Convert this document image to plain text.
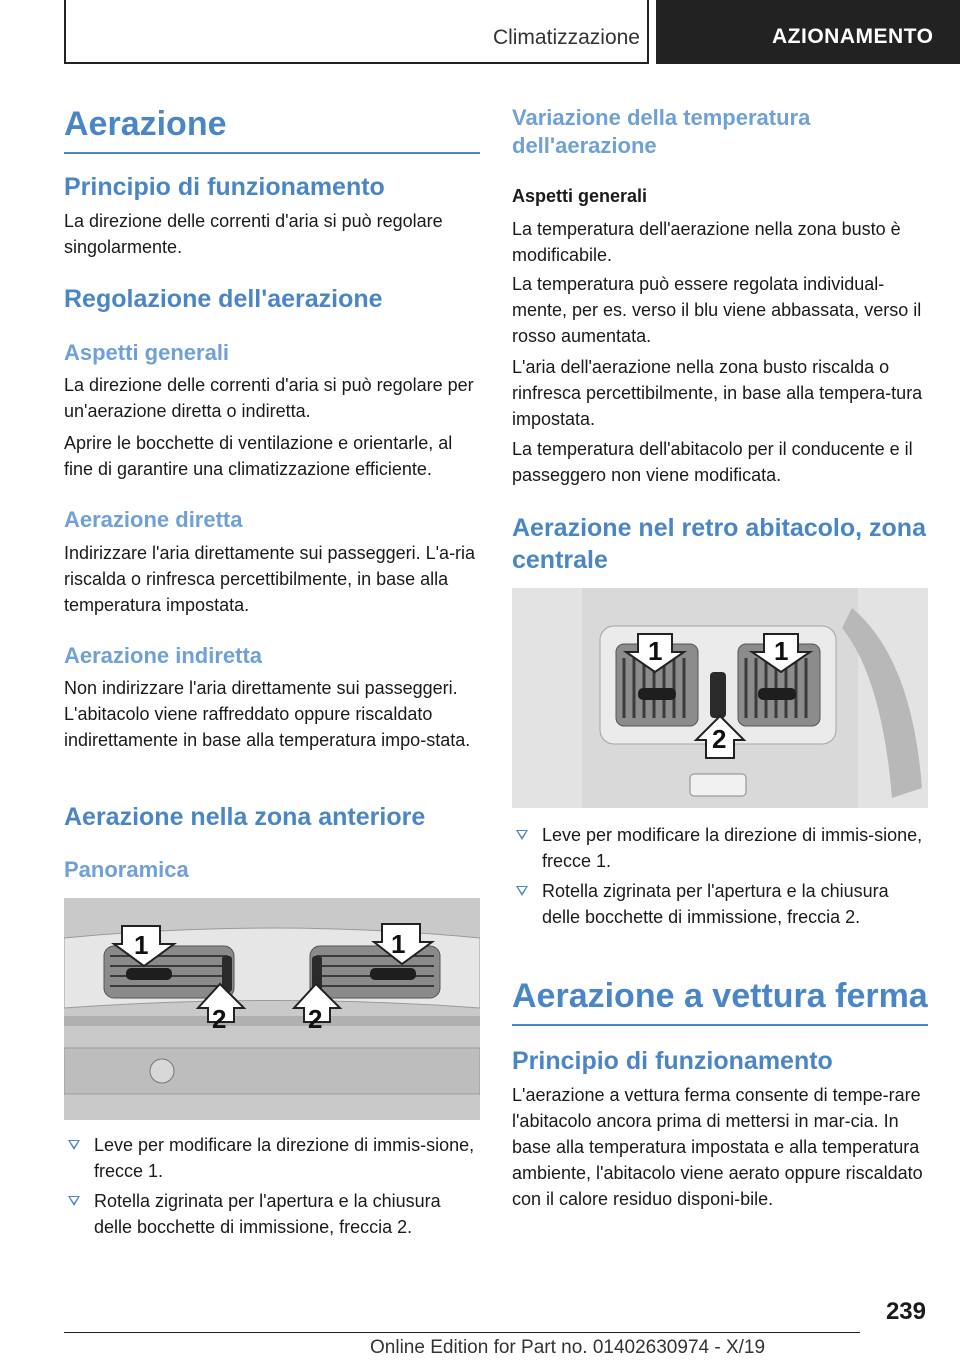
Climatizzazione	AZIONAMENTO
Aerazione
Principio di funzionamento
La direzione delle correnti d'aria si può regolare singolarmente.
Regolazione dell'aerazione
Aspetti generali
La direzione delle correnti d'aria si può regolare per un'aerazione diretta o indiretta.
Aprire le bocchette di ventilazione e orientarle, al fine di garantire una climatizzazione efficiente.
Aerazione diretta
Indirizzare l'aria direttamente sui passeggeri. L'a-ria riscalda o rinfresca percettibilmente, in base alla temperatura impostata.
Aerazione indiretta
Non indirizzare l'aria direttamente sui passeggeri. L'abitacolo viene raffreddato oppure riscaldato indirettamente in base alla temperatura impo-stata.
Aerazione nella zona anteriore
Panoramica
1	1
2	2
Leve per modificare la direzione di immis-sione, frecce 1.
Rotella zigrinata per l'apertura e la chiusura delle bocchette di immissione, freccia 2.
Variazione della temperatura dell'aerazione
Aspetti generali
La temperatura dell'aerazione nella zona busto è modificabile.
La temperatura può essere regolata individual-mente, per es. verso il blu viene abbassata, verso il rosso aumentata.
L'aria dell'aerazione nella zona busto riscalda o rinfresca percettibilmente, in base alla tempera-tura impostata.
La temperatura dell'abitacolo per il conducente e il passeggero non viene modificata.
Aerazione nel retro abitacolo, zona centrale
1	1
2
Leve per modificare la direzione di immis-sione, frecce 1.
Rotella zigrinata per l'apertura e la chiusura delle bocchette di immissione, freccia 2.
Aerazione a vettura ferma
Principio di funzionamento
L'aerazione a vettura ferma consente di tempe-rare l'abitacolo ancora prima di mettersi in mar-cia. In base alla temperatura impostata e alla temperatura ambiente, l'abitacolo viene aerato oppure riscaldato con il calore residuo disponi-bile.
239
Online Edition for Part no. 01402630974 - X/19
